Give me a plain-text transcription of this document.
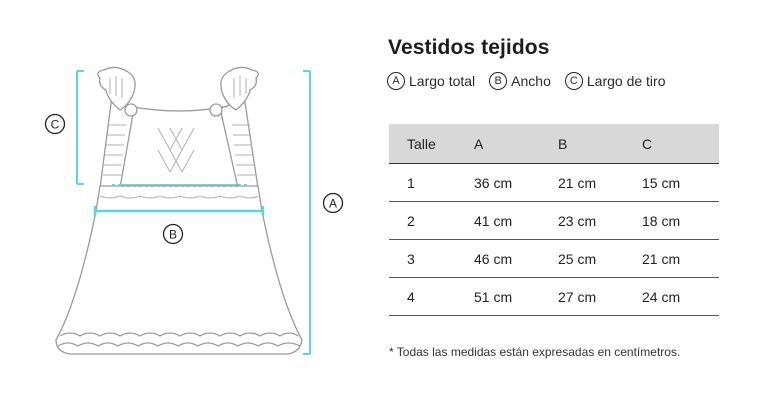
C
A
B
Vestidos tejidos
A Largo total	B Ancho	C Largo de tiro
Talle	A	B	C
1	36 cm	21 cm	15 cm
2	41 cm	23 cm	18 cm
3	46 cm	25 cm	21 cm
4	51 cm	27 cm	24 cm
* Todas las medidas están expresadas en centímetros.
